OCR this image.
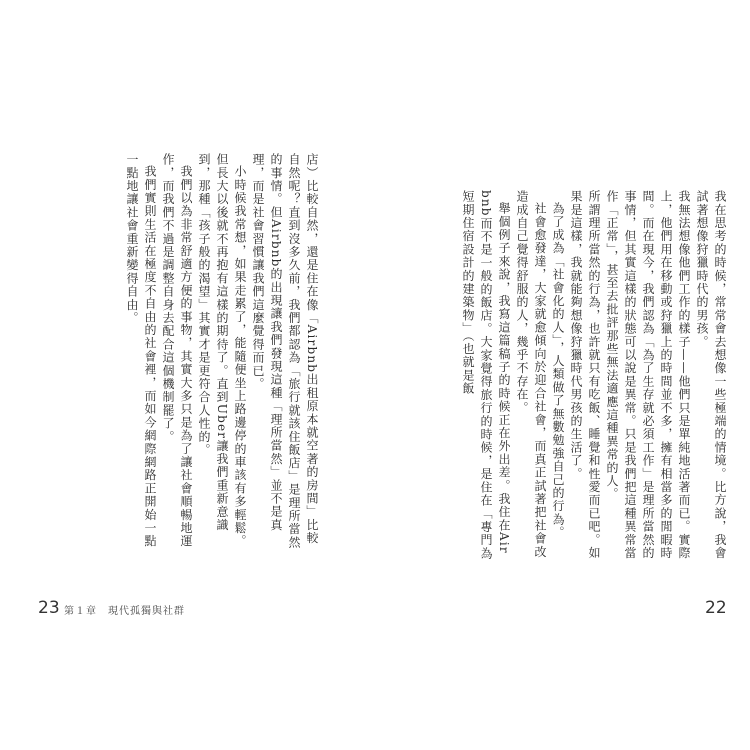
我在思考的時候，常常會去想像一些極端的情境。比方說，我會試著想像狩獵時代的男孩。

我無法想像他們工作的樣子——他們只是單純地活著而已。實際上，他們用在移動或狩獵上的時間並不多，擁有相當多的閒暇時間。而在現今，我們認為「為了生存就必須工作」是理所當然的事情，但其實這樣的狀態可以說是異常。只是我們把這種異常當作「正常」，甚至去批評那些無法適應這種異常的人。

所謂理所當然的行為，也許就只有吃飯、睡覺和性愛而已吧。如果是這樣，我就能夠想像狩獵時代男孩的生活了。

為了成為「社會化的人」，人類做了無數勉強自己的行為。

社會愈發達，大家就愈傾向於迎合社會，而真正試著把社會改造成自己覺得舒服的人，幾乎不存在。

舉個例子來說，我寫這篇稿子的時候正在外出差。我住在Airbnb而不是一般的飯店。大家覺得旅行的時候，是住在「專門為短期住宿設計的建築物」（也就是飯

店）比較自然，還是住在像「Airbnb出租原本就空著的房間」比較自然呢？直到沒多久前，我們都認為「旅行就該住飯店」是理所當然的事情。但Airbnb的出現讓我們發現這種「理所當然」並不是真理，而是社會習慣讓我們這麼覺得而已。

小時候我常想，如果走累了，能隨便坐上路邊停的車該有多輕鬆。但長大以後就不再抱有這樣的期待了。直到Uber讓我們重新意識到，那種「孩子般的渴望」其實才是更符合人性的。

我們以為非常舒適方便的事物，其實大多只是為了讓社會順暢地運作，而我們不過是調整自身去配合這個機制罷了。

我們實則生活在極度不自由的社會裡，而如今網際網路正開始一點一點地讓社會重新變得自由。

23 第１章　現代孤獨與社群	22
